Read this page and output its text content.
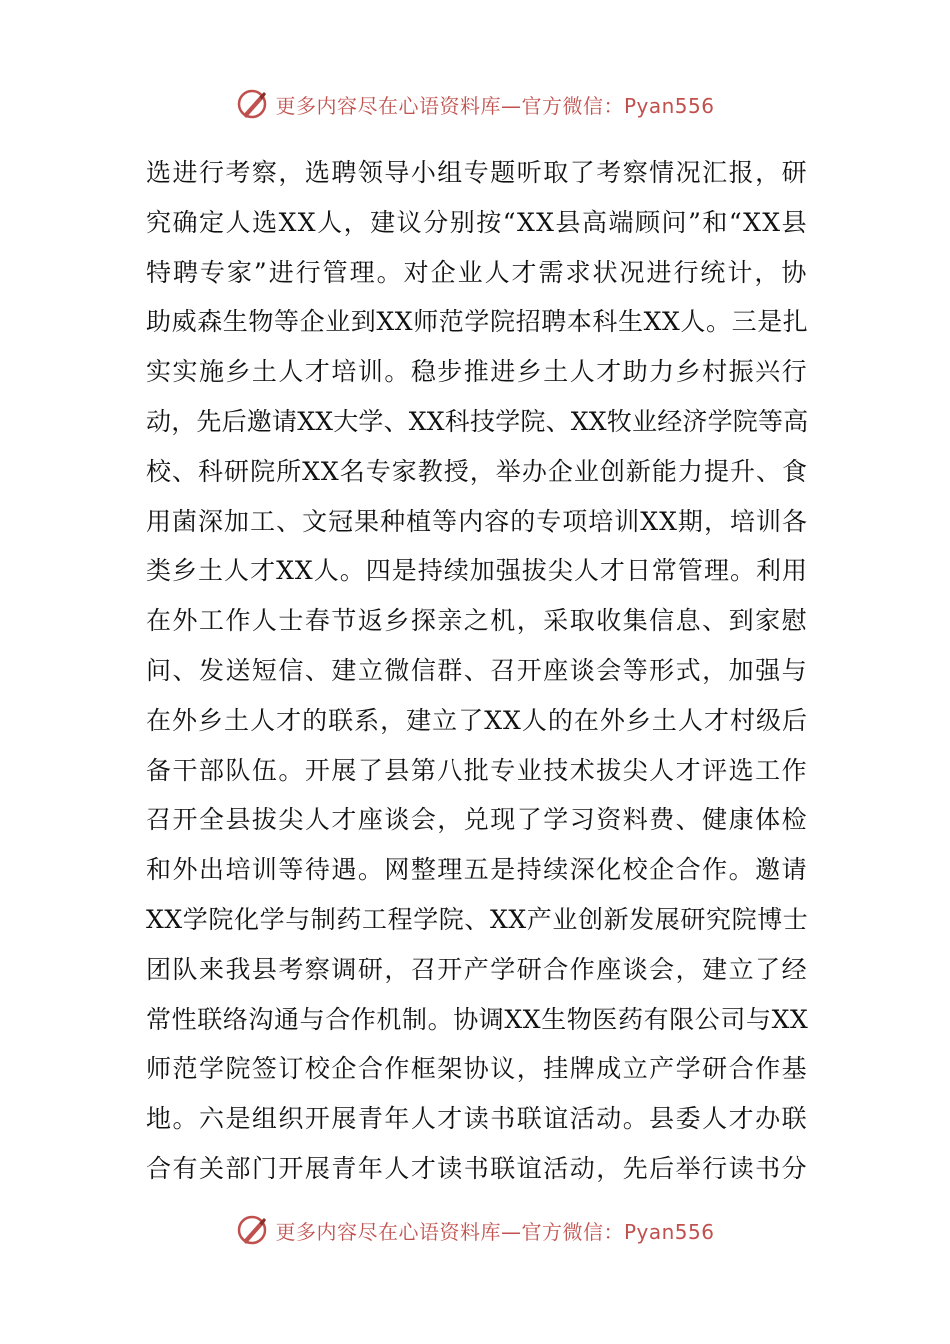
更多内容尽在心语资料库—官方微信：Pyan556
选进行考察，选聘领导小组专题听取了考察情况汇报，研
究确定人选XX人，建议分别按“XX县高端顾问”和“XX县
特聘专家”进行管理。对企业人才需求状况进行统计，协
助威森生物等企业到XX师范学院招聘本科生XX人。三是扎
实实施乡土人才培训。稳步推进乡土人才助力乡村振兴行
动，先后邀请XX大学、XX科技学院、XX牧业经济学院等高
校、科研院所XX名专家教授，举办企业创新能力提升、食
用菌深加工、文冠果种植等内容的专项培训XX期，培训各
类乡土人才XX人。四是持续加强拔尖人才日常管理。利用
在外工作人士春节返乡探亲之机，采取收集信息、到家慰
问、发送短信、建立微信群、召开座谈会等形式，加强与
在外乡土人才的联系，建立了XX人的在外乡土人才村级后
备干部队伍。开展了县第八批专业技术拔尖人才评选工作
召开全县拔尖人才座谈会，兑现了学习资料费、健康体检
和外出培训等待遇。网整理五是持续深化校企合作。邀请
XX学院化学与制药工程学院、XX产业创新发展研究院博士
团队来我县考察调研，召开产学研合作座谈会，建立了经
常性联络沟通与合作机制。协调XX生物医药有限公司与XX
师范学院签订校企合作框架协议，挂牌成立产学研合作基
地。六是组织开展青年人才读书联谊活动。县委人才办联
合有关部门开展青年人才读书联谊活动，先后举行读书分
更多内容尽在心语资料库—官方微信：Pyan556
